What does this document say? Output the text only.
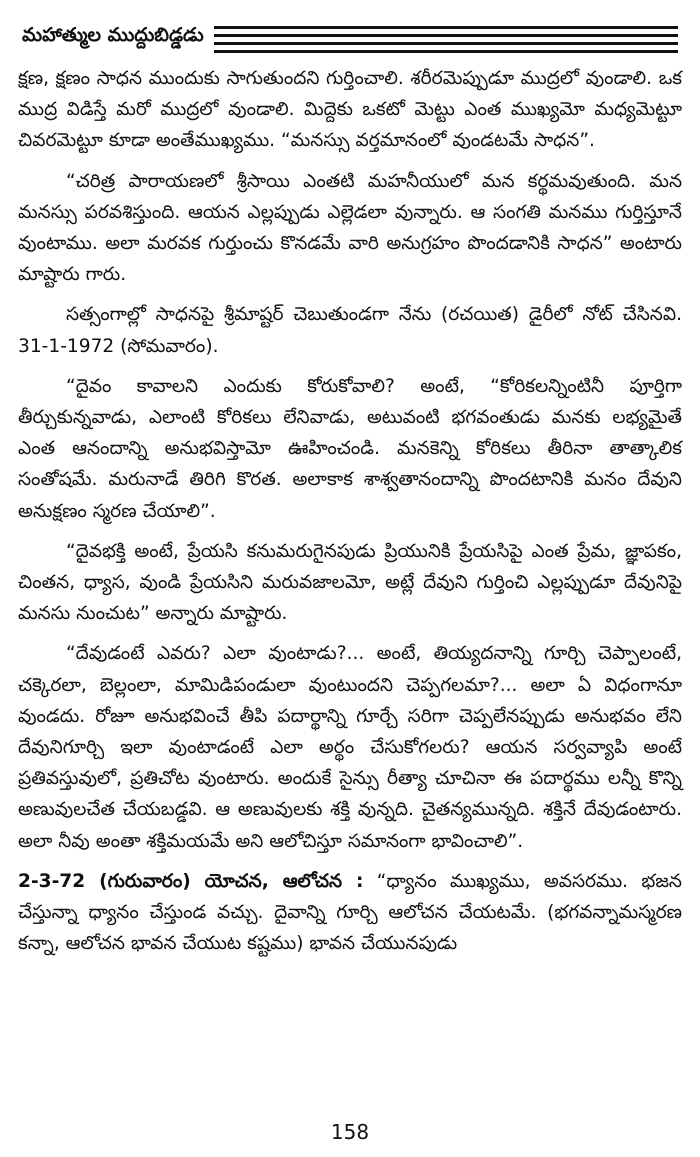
మహాత్ముల ముద్దుబిడ్డడు

క్షణ, క్షణం సాధన ముందుకు సాగుతుందని గుర్తించాలి. శరీరమెప్పుడూ ముద్రలో వుండాలి. ఒక ముద్ర విడిస్తే మరో ముద్రలో వుండాలి. మిద్దెకు ఒకటో మెట్టు ఎంత ముఖ్యమో మధ్యమెట్టూ చివరమెట్టూ కూడా అంతేముఖ్యము. “మనస్సు వర్తమానంలో వుండటమే సాధన”.

“చరిత్ర పారాయణలో శ్రీసాయి ఎంతటి మహనీయులో మన కర్థమవుతుంది. మన మనస్సు పరవశిస్తుంది. ఆయన ఎల్లప్పుడు ఎల్లెడలా వున్నారు. ఆ సంగతి మనము గుర్తిస్తూనే వుంటాము. అలా మరవక గుర్తుంచు కొనడమే వారి అనుగ్రహం పొందడానికి సాధన” అంటారు మాష్టారు గారు.

సత్సంగాల్లో సాధనపై శ్రీమాష్టర్ చెబుతుండగా నేను (రచయిత) డైరీలో నోట్ చేసినవి. 31-1-1972 (సోమవారం).

“దైవం కావాలని ఎందుకు కోరుకోవాలి? అంటే, “కోరికలన్నింటినీ పూర్తిగా తీర్చుకున్నవాడు, ఎలాంటి కోరికలు లేనివాడు, అటువంటి భగవంతుడు మనకు లభ్యమైతే ఎంత ఆనందాన్ని అనుభవిస్తామో ఊహించండి. మనకెన్ని కోరికలు తీరినా తాత్కాలిక సంతోషమే. మరునాడే తిరిగి కొరత. అలాకాక శాశ్వతానందాన్ని పొందటానికి మనం దేవుని అనుక్షణం స్మరణ చేయాలి”.

“దైవభక్తి అంటే, ప్రేయసి కనుమరుగైనపుడు ప్రియునికి ప్రేయసిపై ఎంత ప్రేమ, జ్ఞాపకం, చింతన, ధ్యాస, వుండి ప్రేయసిని మరువజాలమో, అట్లే దేవుని గుర్తించి ఎల్లప్పుడూ దేవునిపై మనసు నుంచుట” అన్నారు మాష్టారు.

“దేవుడంటే ఎవరు? ఎలా వుంటాడు?... అంటే, తియ్యదనాన్ని గూర్చి చెప్పాలంటే, చక్కెరలా, బెల్లంలా, మామిడిపండులా వుంటుందని చెప్పగలమా?... అలా ఏ విధంగానూ వుండదు. రోజూ అనుభవించే తీపి పదార్థాన్ని గూర్చే సరిగా చెప్పలేనప్పుడు అనుభవం లేని దేవునిగూర్చి ఇలా వుంటాడంటే ఎలా అర్థం చేసుకోగలరు? ఆయన సర్వవ్యాపి అంటే ప్రతివస్తువులో, ప్రతిచోట వుంటారు. అందుకే సైన్సు రీత్యా చూచినా ఈ పదార్థము లన్నీ కొన్ని అణువులచేత చేయబడ్డవి. ఆ అణువులకు శక్తి వున్నది. చైతన్యమున్నది. శక్తినే దేవుడంటారు. అలా నీవు అంతా శక్తిమయమే అని ఆలోచిస్తూ సమానంగా భావించాలి”.

2-3-72 (గురువారం) యోచన, ఆలోచన : “ధ్యానం ముఖ్యము, అవసరము. భజన చేస్తున్నా ధ్యానం చేస్తుండ వచ్చు. దైవాన్ని గూర్చి ఆలోచన చేయటమే. (భగవన్నామస్మరణ కన్నా, ఆలోచన భావన చేయుట కష్టము) భావన చేయునపుడు

158
